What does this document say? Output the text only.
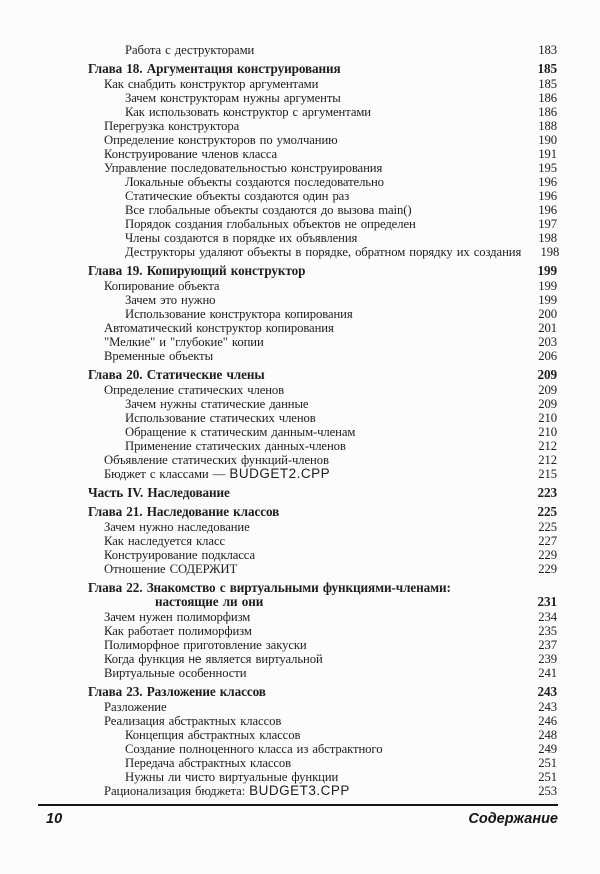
Работа с деструкторами	183
Глава 18. Аргументация конструирования	185
Как снабдить конструктор аргументами	185
Зачем конструкторам нужны аргументы	186
Как использовать конструктор с аргументами	186
Перегрузка конструктора	188
Определение конструкторов по умолчанию	190
Конструирование членов класса	191
Управление последовательностью конструирования	195
Локальные объекты создаются последовательно	196
Статические объекты создаются один раз	196
Все глобальные объекты создаются до вызова main()	196
Порядок создания глобальных объектов не определен	197
Члены создаются в порядке их объявления	198
Деструкторы удаляют объекты в порядке, обратном порядку их создания	198
Глава 19. Копирующий конструктор	199
Копирование объекта	199
Зачем это нужно	199
Использование конструктора копирования	200
Автоматический конструктор копирования	201
"Мелкие" и "глубокие" копии	203
Временные объекты	206
Глава 20. Статические члены	209
Определение статических членов	209
Зачем нужны статические данные	209
Использование статических членов	210
Обращение к статическим данным-членам	210
Применение статических данных-членов	212
Объявление статических функций-членов	212
Бюджет с классами — BUDGET2.CPP	215
Часть IV. Наследование	223
Глава 21. Наследование классов	225
Зачем нужно наследование	225
Как наследуется класс	227
Конструирование подкласса	229
Отношение СОДЕРЖИТ	229
Глава 22. Знакомство с виртуальными функциями-членами:
настоящие ли они	231
Зачем нужен полиморфизм	234
Как работает полиморфизм	235
Полиморфное приготовление закуски	237
Когда функция не является виртуальной	239
Виртуальные особенности	241
Глава 23. Разложение классов	243
Разложение	243
Реализация абстрактных классов	246
Концепция абстрактных классов	248
Создание полноценного класса из абстрактного	249
Передача абстрактных классов	251
Нужны ли чисто виртуальные функции	251
Рационализация бюджета: BUDGET3.CPP	253
10	Содержание
